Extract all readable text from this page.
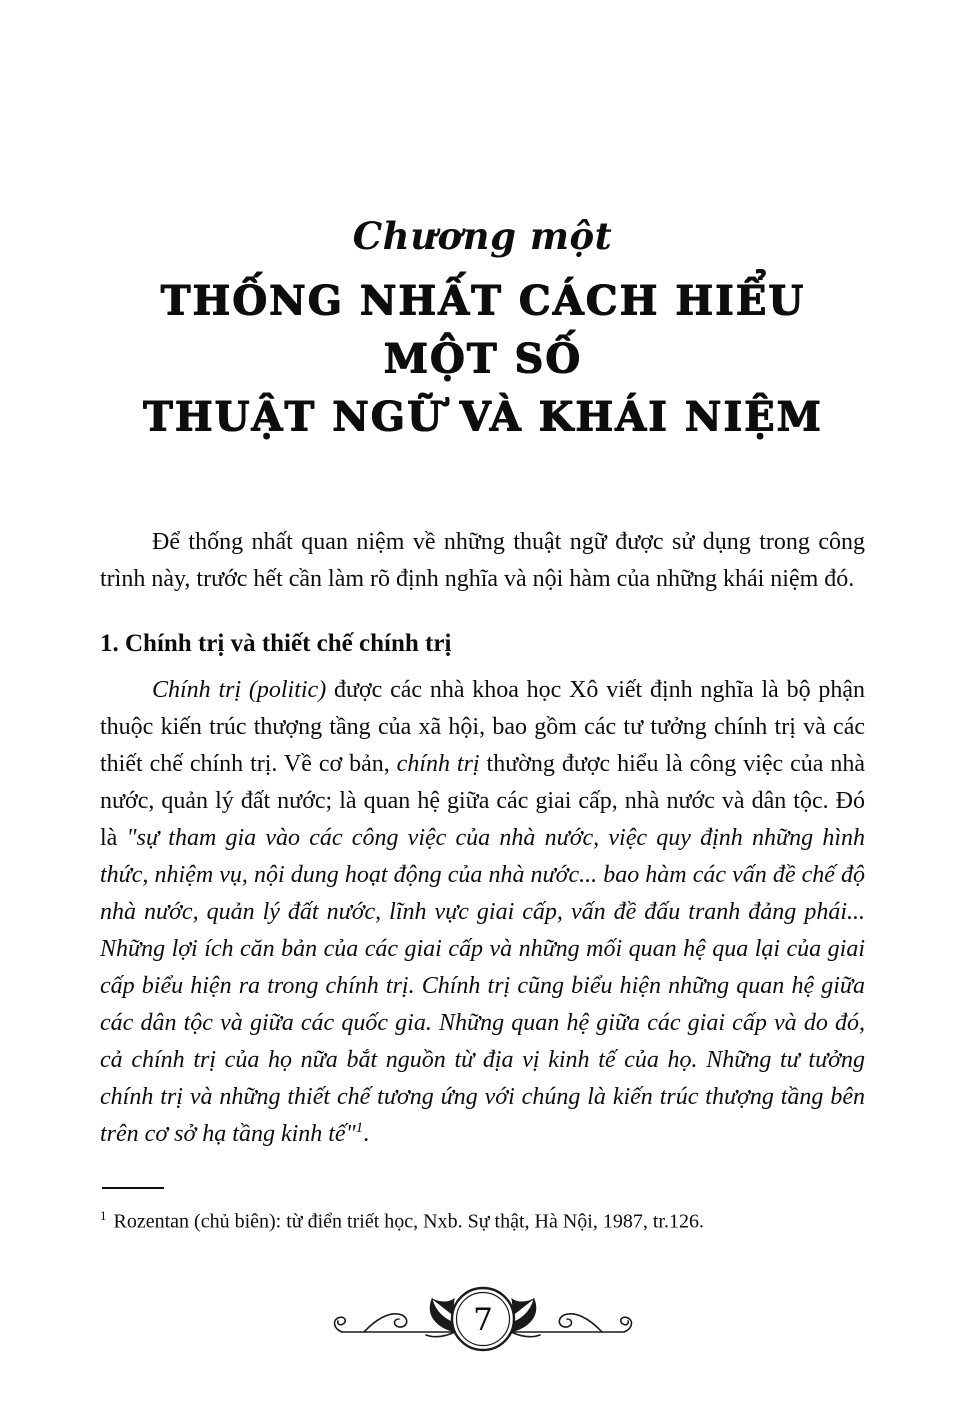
Chương một
THỐNG NHẤT CÁCH HIỂU MỘT SỐ
THUẬT NGỮ VÀ KHÁI NIỆM

Để thống nhất quan niệm về những thuật ngữ được sử dụng trong công trình này, trước hết cần làm rõ định nghĩa và nội hàm của những khái niệm đó.

1. Chính trị và thiết chế chính trị

Chính trị (politic) được các nhà khoa học Xô viết định nghĩa là bộ phận thuộc kiến trúc thượng tầng của xã hội, bao gồm các tư tưởng chính trị và các thiết chế chính trị. Về cơ bản, chính trị thường được hiểu là công việc của nhà nước, quản lý đất nước; là quan hệ giữa các giai cấp, nhà nước và dân tộc. Đó là "sự tham gia vào các công việc của nhà nước, việc quy định những hình thức, nhiệm vụ, nội dung hoạt động của nhà nước... bao hàm các vấn đề chế độ nhà nước, quản lý đất nước, lĩnh vực giai cấp, vấn đề đấu tranh đảng phái... Những lợi ích căn bản của các giai cấp và những mối quan hệ qua lại của giai cấp biểu hiện ra trong chính trị. Chính trị cũng biểu hiện những quan hệ giữa các dân tộc và giữa các quốc gia. Những quan hệ giữa các giai cấp và do đó, cả chính trị của họ nữa bắt nguồn từ địa vị kinh tế của họ. Những tư tưởng chính trị và những thiết chế tương ứng với chúng là kiến trúc thượng tầng bên trên cơ sở hạ tầng kinh tế"$^1$.

$^1$ Rozentan (chủ biên): từ điển triết học, Nxb. Sự thật, Hà Nội, 1987, tr.126.
7
